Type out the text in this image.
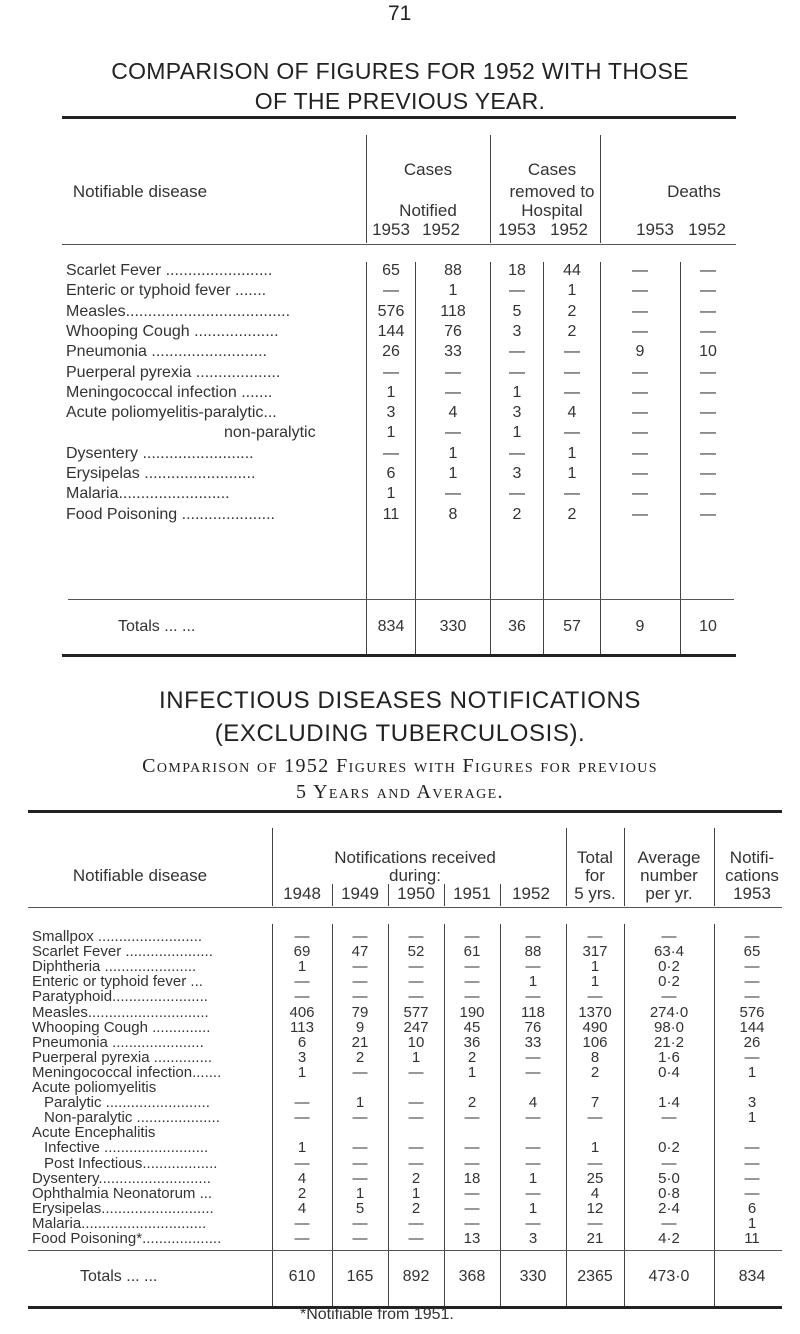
71
COMPARISON OF FIGURES FOR 1952 WITH THOSE
OF THE PREVIOUS YEAR.
Notifiable disease
Cases
Notified
Cases
removed to
Hospital
Deaths
1953 1952 1953 1952	1953 1952
Scarlet Fever ........................	65	88	18	44	—	—
Enteric or typhoid fever .......	—	1	—	1	—	—
Measles.....................................	576	118	5	2	—	—
Whooping Cough ...................	144	76	3	2	—	—
Pneumonia ..........................	26	33	—	—	9	10
Puerperal pyrexia ...................	—	—	—	—	—	—
Meningococcal infection .......	1	—	1	—	—	—
Acute poliomyelitis-paralytic...	3	4	3	4	—	—
non-paralytic	1	—	1	—	—	—
Dysentery .........................	—	1	—	1	—	—
Erysipelas .........................	6	1	3	1	—	—
Malaria.........................	1	—	—	—	—	—
Food Poisoning .....................	11	8	2	2	—	—
Totals ... ...	834	330	36	57	9	10
INFECTIOUS DISEASES NOTIFICATIONS
(EXCLUDING TUBERCULOSIS).
Comparison of 1952 Figures with Figures for previous
5 Years and Average.
Notifiable disease
Notifications received
during:
1948	1949	1950	1951	1952
Total
for
5 yrs.
Average
number
per yr.
Notifi-
cations
1953
Smallpox .........................	—	—	—	—	—	—	—	—
Scarlet Fever .....................	69	47	52	61	88	317	63·4	65
Diphtheria ......................	1	—	—	—	—	1	0·2	—
Enteric or typhoid fever ...	—	—	—	—	1	1	0·2	—
Paratyphoid.......................	—	—	—	—	—	—	—	—
Measles.............................	406	79	577	190	118	1370	274·0	576
Whooping Cough ..............	113	9	247	45	76	490	98·0	144
Pneumonia ......................	6	21	10	36	33	106	21·2	26
Puerperal pyrexia ..............	3	2	1	2	—	8	1·6	—
Meningococcal infection.......	1	—	—	1	—	2	0·4	1
Acute poliomyelitis
Paralytic .........................	—	1	—	2	4	7	1·4	3
Non-paralytic ....................	—	—	—	—	—	—	—	1
Acute Encephalitis
Infective .........................	1	—	—	—	—	1	0·2	—
Post Infectious..................	—	—	—	—	—	—	—	—
Dysentery...........................	4	—	2	18	1	25	5·0	—
Ophthalmia Neonatorum ...	2	1	1	—	—	4	0·8	—
Erysipelas...........................	4	5	2	—	1	12	2·4	6
Malaria..............................	—	—	—	—	—	—	—	1
Food Poisoning*...................	—	—	—	13	3	21	4·2	11
Totals ... ...	610	165	892	368	330	2365	473·0	834
*Notifiable from 1951.
